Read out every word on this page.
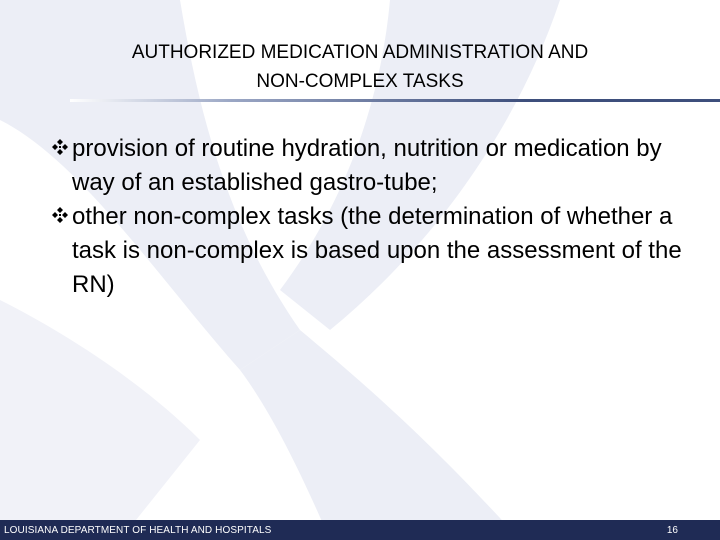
AUTHORIZED MEDICATION ADMINISTRATION AND
NON-COMPLEX TASKS

provision of routine hydration, nutrition or medication by way of an established gastro-tube;

other non-complex tasks (the determination of whether a task is non-complex is based upon the assessment of the RN)

LOUISIANA DEPARTMENT OF HEALTH AND HOSPITALS	16
